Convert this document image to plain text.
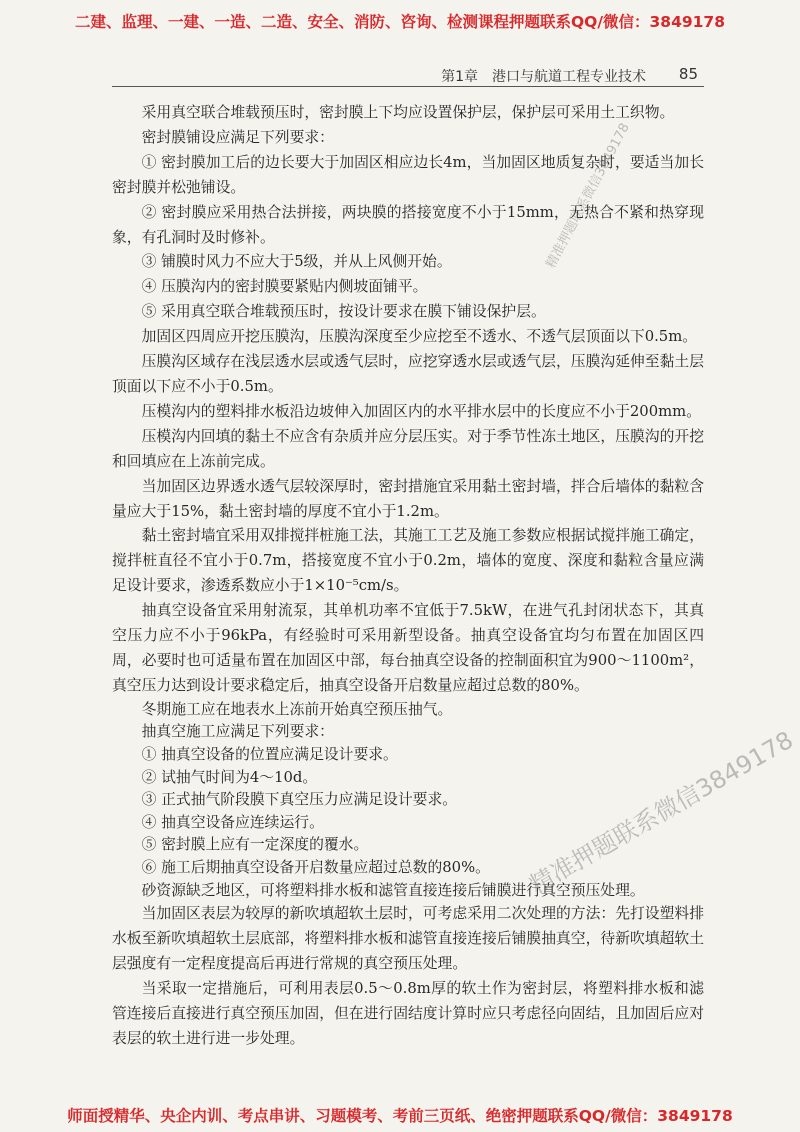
二建、监理、一建、一造、二造、安全、消防、咨询、检测课程押题联系QQ/微信：3849178
第1章　港口与航道工程专业技术 85

采用真空联合堆载预压时，密封膜上下均应设置保护层，保护层可采用土工织物。

密封膜铺设应满足下列要求：

① 密封膜加工后的边长要大于加固区相应边长4m，当加固区地质复杂时，要适当加长密封膜并松弛铺设。

② 密封膜应采用热合法拼接，两块膜的搭接宽度不小于15mm，无热合不紧和热穿现象，有孔洞时及时修补。

③ 铺膜时风力不应大于5级，并从上风侧开始。

④ 压膜沟内的密封膜要紧贴内侧坡面铺平。

⑤ 采用真空联合堆载预压时，按设计要求在膜下铺设保护层。

加固区四周应开挖压膜沟，压膜沟深度至少应挖至不透水、不透气层顶面以下0.5m。

压膜沟区域存在浅层透水层或透气层时，应挖穿透水层或透气层，压膜沟延伸至黏土层顶面以下应不小于0.5m。

压模沟内的塑料排水板沿边坡伸入加固区内的水平排水层中的长度应不小于200mm。

压模沟内回填的黏土不应含有杂质并应分层压实。对于季节性冻土地区，压膜沟的开挖和回填应在上冻前完成。

当加固区边界透水透气层较深厚时，密封措施宜采用黏土密封墙，拌合后墙体的黏粒含量应大于15%，黏土密封墙的厚度不宜小于1.2m。

黏土密封墙宜采用双排搅拌桩施工法，其施工工艺及施工参数应根据试搅拌施工确定，搅拌桩直径不宜小于0.7m，搭接宽度不宜小于0.2m，墙体的宽度、深度和黏粒含量应满足设计要求，渗透系数应小于1×10⁻⁵cm/s。

抽真空设备宜采用射流泵，其单机功率不宜低于7.5kW，在进气孔封闭状态下，其真空压力应不小于96kPa，有经验时可采用新型设备。抽真空设备宜均匀布置在加固区四周，必要时也可适量布置在加固区中部，每台抽真空设备的控制面积宜为900～1100m²，真空压力达到设计要求稳定后，抽真空设备开启数量应超过总数的80%。

冬期施工应在地表水上冻前开始真空预压抽气。

抽真空施工应满足下列要求：

① 抽真空设备的位置应满足设计要求。

② 试抽气时间为4～10d。

③ 正式抽气阶段膜下真空压力应满足设计要求。

④ 抽真空设备应连续运行。

⑤ 密封膜上应有一定深度的覆水。

⑥ 施工后期抽真空设备开启数量应超过总数的80%。

砂资源缺乏地区，可将塑料排水板和滤管直接连接后铺膜进行真空预压处理。

当加固区表层为较厚的新吹填超软土层时，可考虑采用二次处理的方法：先打设塑料排水板至新吹填超软土层底部，将塑料排水板和滤管直接连接后铺膜抽真空，待新吹填超软土层强度有一定程度提高后再进行常规的真空预压处理。

当采取一定措施后，可利用表层0.5～0.8m厚的软土作为密封层，将塑料排水板和滤管连接后直接进行真空预压加固，但在进行固结度计算时应只考虑径向固结，且加固后应对表层的软土进行进一步处理。

精准押题联系微信3849178
精准押题联系微信3849178
师面授精华、央企内训、考点串讲、习题模考、考前三页纸、绝密押题联系QQ/微信：3849178
